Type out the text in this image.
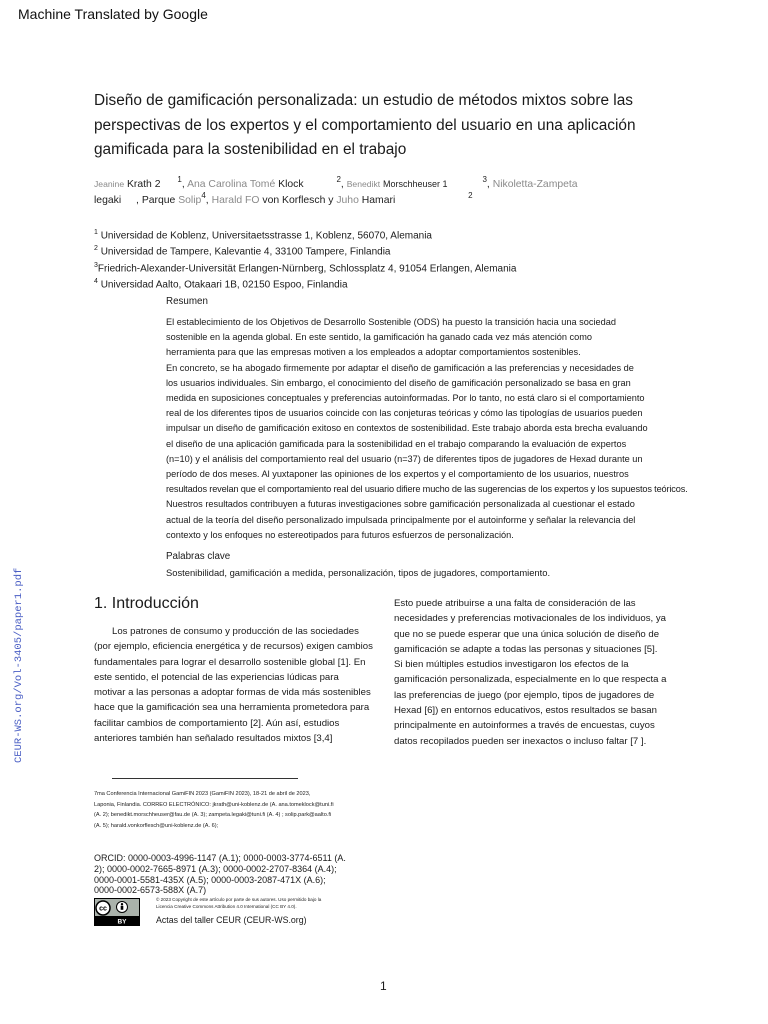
Machine Translated by Google
CEUR-WS.org/Vol-3405/paper1.pdf
Diseño de gamificación personalizada: un estudio de métodos mixtos sobre las
perspectivas de los expertos y el comportamiento del usuario en una aplicación
gamificada para la sostenibilidad en el trabajo
Jeanine Krath 2 $^1$, Ana Carolina Tomé Klock	$^2$, Benedikt Morschheuser 1	$^3$, Nikoletta-Zampeta
legaki , Parque Solip$^4$, Harald FO von Korflesch y Juho Hamari	$^2$
$^1$ Universidad de Koblenz, Universitaetsstrasse 1, Koblenz, 56070, Alemania
$^2$ Universidad de Tampere, Kalevantie 4, 33100 Tampere, Finlandia
$^3$Friedrich-Alexander-Universität Erlangen-Nürnberg, Schlossplatz 4, 91054 Erlangen, Alemania
$^4$ Universidad Aalto, Otakaari 1B, 02150 Espoo, Finlandia
Resumen

El establecimiento de los Objetivos de Desarrollo Sostenible (ODS) ha puesto la transición hacia una sociedad

sostenible en la agenda global. En este sentido, la gamificación ha ganado cada vez más atención como

herramienta para que las empresas motiven a los empleados a adoptar comportamientos sostenibles.

En concreto, se ha abogado firmemente por adaptar el diseño de gamificación a las preferencias y necesidades de

los usuarios individuales. Sin embargo, el conocimiento del diseño de gamificación personalizado se basa en gran

medida en suposiciones conceptuales y preferencias autoinformadas. Por lo tanto, no está claro si el comportamiento

real de los diferentes tipos de usuarios coincide con las conjeturas teóricas y cómo las tipologías de usuarios pueden

impulsar un diseño de gamificación exitoso en contextos de sostenibilidad. Este trabajo aborda esta brecha evaluando

el diseño de una aplicación gamificada para la sostenibilidad en el trabajo comparando la evaluación de expertos

(n=10) y el análisis del comportamiento real del usuario (n=37) de diferentes tipos de jugadores de Hexad durante un

período de dos meses. Al yuxtaponer las opiniones de los expertos y el comportamiento de los usuarios, nuestros

resultados revelan que el comportamiento real del usuario difiere mucho de las sugerencias de los expertos y los supuestos teóricos.

Nuestros resultados contribuyen a futuras investigaciones sobre gamificación personalizada al cuestionar el estado

actual de la teoría del diseño personalizado impulsada principalmente por el autoinforme y señalar la relevancia del

contexto y los enfoques no estereotipados para futuros esfuerzos de personalización.

Palabras clave
Sostenibilidad, gamificación a medida, personalización, tipos de jugadores, comportamiento.
1. Introducción
Los patrones de consumo y producción de las sociedades
(por ejemplo, eficiencia energética y de recursos) exigen cambios
fundamentales para lograr el desarrollo sostenible global [1]. En
este sentido, el potencial de las experiencias lúdicas para
motivar a las personas a adoptar formas de vida más sostenibles
hace que la gamificación sea una herramienta prometedora para
facilitar cambios de comportamiento [2]. Aún así, estudios
anteriores también han señalado resultados mixtos [3,4]
Esto puede atribuirse a una falta de consideración de las
necesidades y preferencias motivacionales de los individuos, ya
que no se puede esperar que una única solución de diseño de
gamificación se adapte a todas las personas y situaciones [5].
Si bien múltiples estudios investigaron los efectos de la
gamificación personalizada, especialmente en lo que respecta a
las preferencias de juego (por ejemplo, tipos de jugadores de
Hexad [6]) en entornos educativos, estos resultados se basan
principalmente en autoinformes a través de encuestas, cuyos
datos recopilados pueden ser inexactos o incluso faltar [7 ].
7ma Conferencia Internacional GamiFIN 2023 (GamiFIN 2023), 18-21 de abril de 2023,
Laponia, Finlandia. CORREO ELECTRÓNICO: jkrath@uni-koblenz.de (A. ana.tomeklock@tuni.fi
(A. 2); benedikt.morschheuser@fau.de (A. 3); zampeta.legaki@tuni.fi (A. 4) ; solip.park@aalto.fi
(A. 5); harald.vonkorflesch@uni-koblenz.de (A. 6);
ORCID: 0000-0003-4996-1147 (A.1); 0000-0003-3774-6511 (A.
2); 0000-0002-7665-8971 (A.3); 0000-0002-2707-8364 (A.4);
0000-0001-5581-435X (A.5); 0000-0003-2087-471X (A.6);
0000-0002-6573-588X (A.7)
cc
BY
© 2023 Copyright de este artículo por parte de sus autores. Uso permitido bajo la
Licencia Creative Commons Attribution 4.0 International (CC BY 4.0).
Actas del taller CEUR (CEUR-WS.org)
1
